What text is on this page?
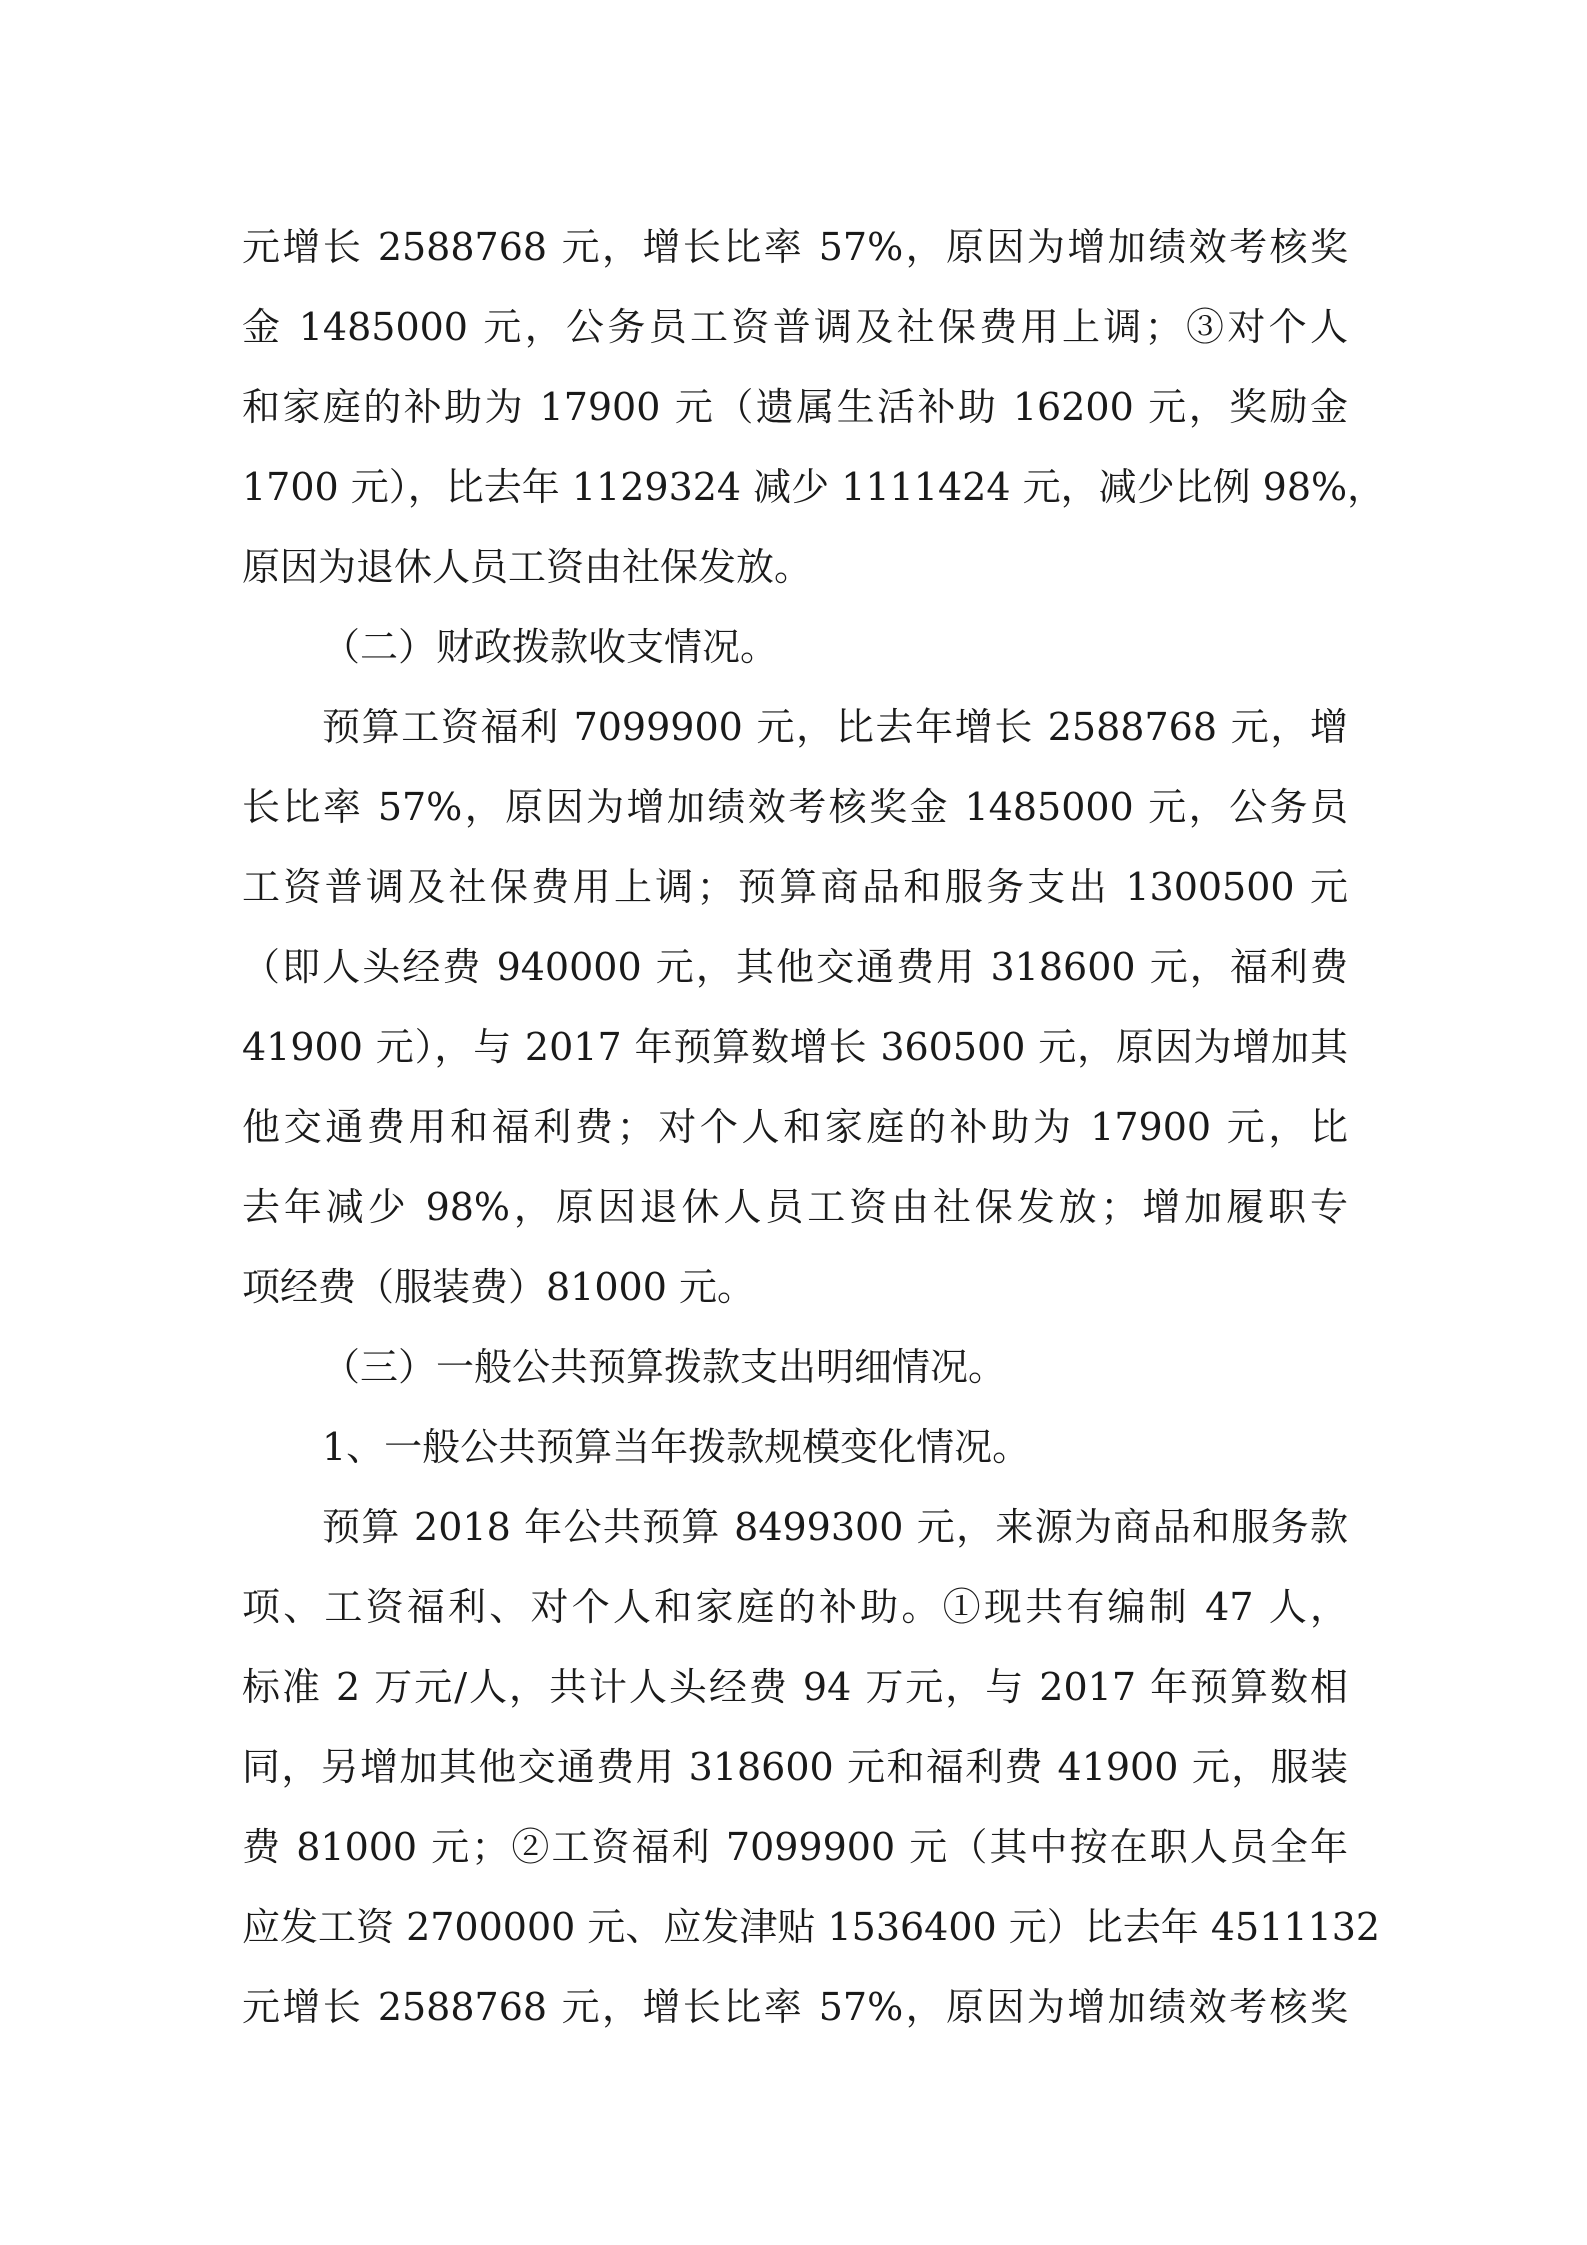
元增长 2588768 元，增长比率 57%，原因为增加绩效考核奖
金 1485000 元，公务员工资普调及社保费用上调；③对个人
和家庭的补助为 17900 元（遗属生活补助 16200 元，奖励金
1700 元），比去年 1129324 减少 1111424 元，减少比例 98%，
原因为退休人员工资由社保发放。
（二）财政拨款收支情况。
预算工资福利 7099900 元，比去年增长 2588768 元，增
长比率 57%，原因为增加绩效考核奖金 1485000 元，公务员
工资普调及社保费用上调；预算商品和服务支出 1300500 元
（即人头经费 940000 元，其他交通费用 318600 元，福利费
41900 元），与 2017 年预算数增长 360500 元，原因为增加其
他交通费用和福利费；对个人和家庭的补助为 17900 元，比
去年减少 98%，原因退休人员工资由社保发放；增加履职专
项经费（服装费）81000 元。
（三）一般公共预算拨款支出明细情况。
1、一般公共预算当年拨款规模变化情况。
预算 2018 年公共预算 8499300 元，来源为商品和服务款
项、工资福利、对个人和家庭的补助。①现共有编制 47 人，
标准 2 万元/人，共计人头经费 94 万元，与 2017 年预算数相
同，另增加其他交通费用 318600 元和福利费 41900 元，服装
费 81000 元；②工资福利 7099900 元（其中按在职人员全年
应发工资 2700000 元、应发津贴 1536400 元）比去年 4511132
元增长 2588768 元，增长比率 57%，原因为增加绩效考核奖
